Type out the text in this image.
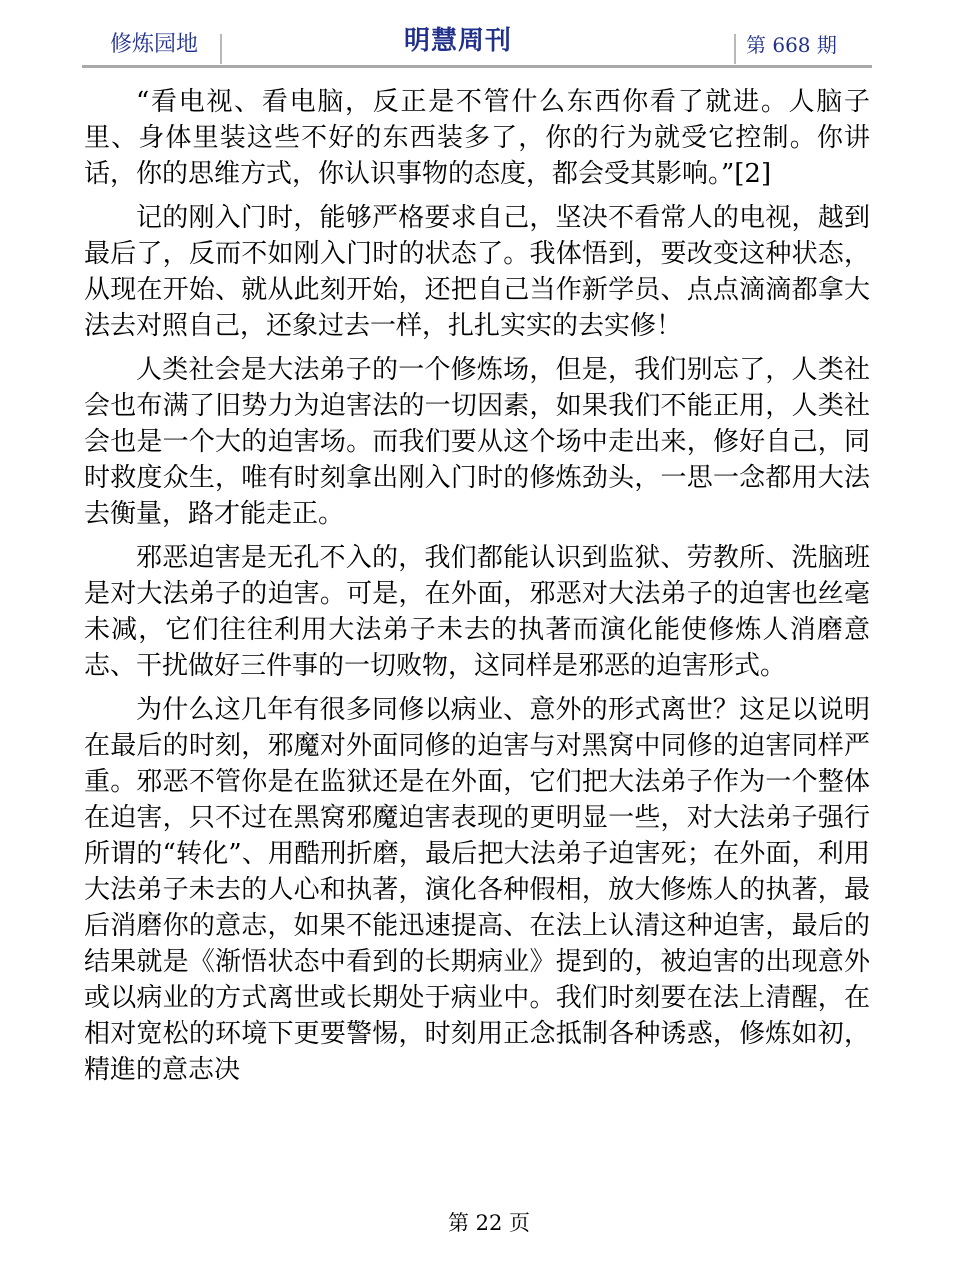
修炼园地	明慧周刊	第 668 期

“看电视、看电脑，反正是不管什么东西你看了就进。人脑子里、身体里装这些不好的东西装多了，你的行为就受它控制。你讲话，你的思维方式，你认识事物的态度，都会受其影响。”[2]

记的刚入门时，能够严格要求自己，坚决不看常人的电视，越到最后了，反而不如刚入门时的状态了。我体悟到，要改变这种状态，从现在开始、就从此刻开始，还把自己当作新学员、点点滴滴都拿大法去对照自己，还象过去一样，扎扎实实的去实修！

人类社会是大法弟子的一个修炼场，但是，我们别忘了，人类社会也布满了旧势力为迫害法的一切因素，如果我们不能正用，人类社会也是一个大的迫害场。而我们要从这个场中走出来，修好自己，同时救度众生，唯有时刻拿出刚入门时的修炼劲头，一思一念都用大法去衡量，路才能走正。

邪恶迫害是无孔不入的，我们都能认识到监狱、劳教所、洗脑班是对大法弟子的迫害。可是，在外面，邪恶对大法弟子的迫害也丝毫未减，它们往往利用大法弟子未去的执著而演化能使修炼人消磨意志、干扰做好三件事的一切败物，这同样是邪恶的迫害形式。

为什么这几年有很多同修以病业、意外的形式离世？这足以说明在最后的时刻，邪魔对外面同修的迫害与对黑窝中同修的迫害同样严重。邪恶不管你是在监狱还是在外面，它们把大法弟子作为一个整体在迫害，只不过在黑窝邪魔迫害表现的更明显一些，对大法弟子强行所谓的“转化”、用酷刑折磨，最后把大法弟子迫害死；在外面，利用大法弟子未去的人心和执著，演化各种假相，放大修炼人的执著，最后消磨你的意志，如果不能迅速提高、在法上认清这种迫害，最后的结果就是《渐悟状态中看到的长期病业》提到的，被迫害的出现意外或以病业的方式离世或长期处于病业中。我们时刻要在法上清醒，在相对宽松的环境下更要警惕，时刻用正念抵制各种诱惑，修炼如初，精進的意志决

第 22 页
